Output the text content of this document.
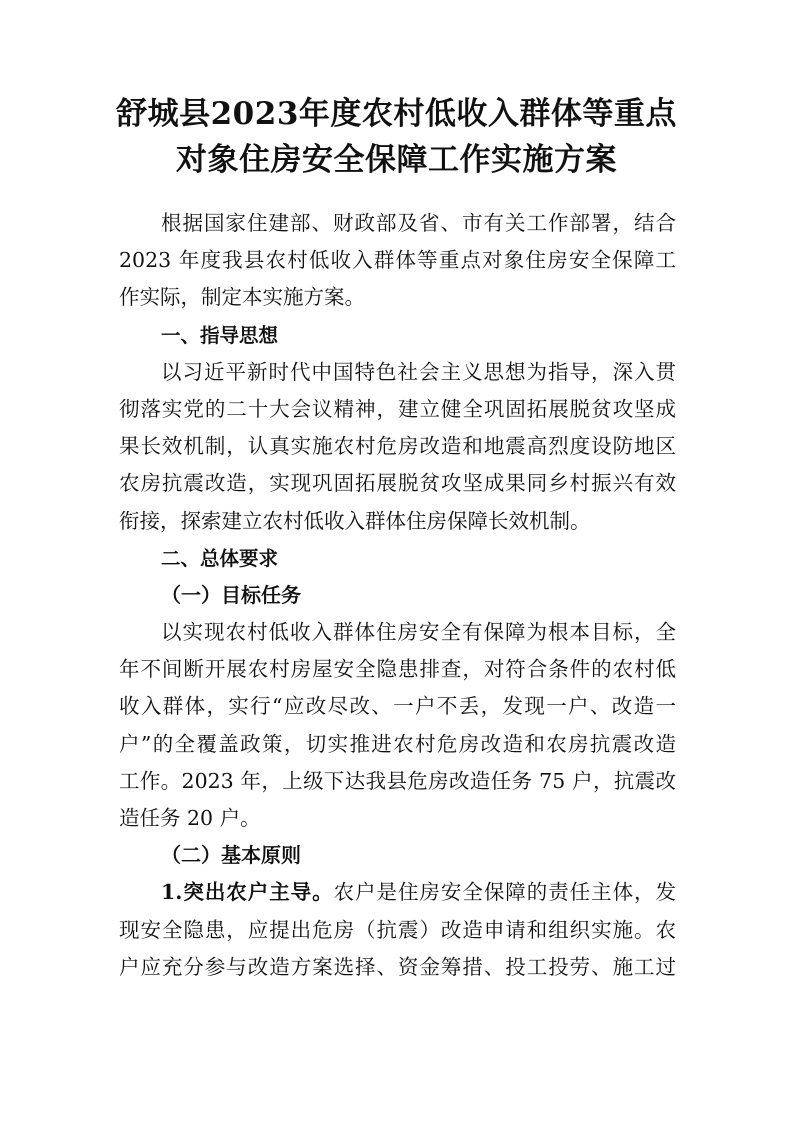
舒城县2023年度农村低收入群体等重点
对象住房安全保障工作实施方案
根据国家住建部、财政部及省、市有关工作部署，结合
2023 年度我县农村低收入群体等重点对象住房安全保障工
作实际，制定本实施方案。
一、指导思想
以习近平新时代中国特色社会主义思想为指导，深入贯
彻落实党的二十大会议精神，建立健全巩固拓展脱贫攻坚成
果长效机制，认真实施农村危房改造和地震高烈度设防地区
农房抗震改造，实现巩固拓展脱贫攻坚成果同乡村振兴有效
衔接，探索建立农村低收入群体住房保障长效机制。
二、总体要求
（一）目标任务
以实现农村低收入群体住房安全有保障为根本目标，全
年不间断开展农村房屋安全隐患排查，对符合条件的农村低
收入群体，实行“应改尽改、一户不丢，发现一户、改造一
户”的全覆盖政策，切实推进农村危房改造和农房抗震改造
工作。2023 年，上级下达我县危房改造任务 75 户，抗震改
造任务 20 户。
（二）基本原则
1.突出农户主导。农户是住房安全保障的责任主体，发
现安全隐患，应提出危房（抗震）改造申请和组织实施。农
户应充分参与改造方案选择、资金筹措、投工投劳、施工过
